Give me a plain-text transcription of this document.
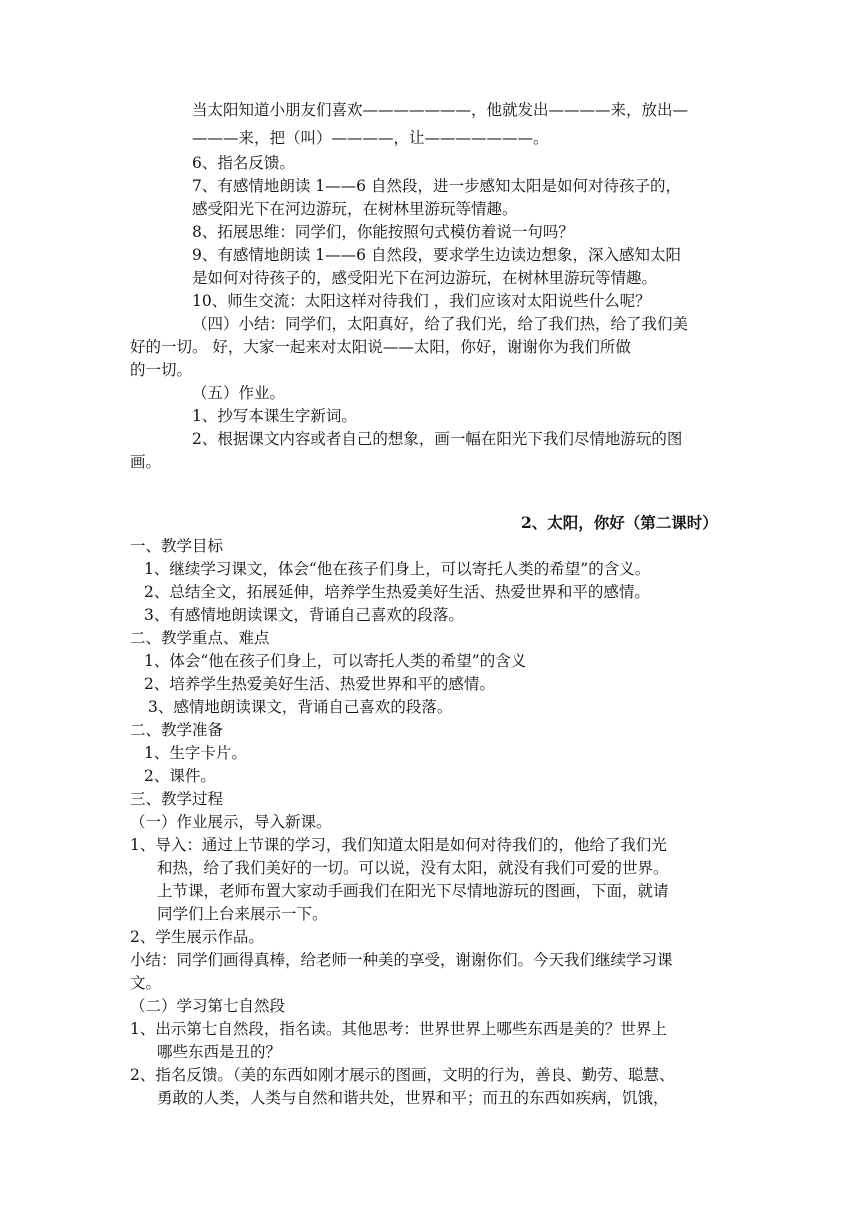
当太阳知道小朋友们喜欢———————，他就发出————来，放出—
———来，把（叫）————，让———————。
6、指名反馈。
7、有感情地朗读 1——6 自然段，进一步感知太阳是如何对待孩子的，
感受阳光下在河边游玩，在树林里游玩等情趣。
8、拓展思维：同学们，你能按照句式模仿着说一句吗？
9、有感情地朗读 1——6 自然段，要求学生边读边想象，深入感知太阳
是如何对待孩子的，感受阳光下在河边游玩，在树林里游玩等情趣。
10、师生交流：太阳这样对待我们 ，我们应该对太阳说些什么呢？
（四）小结：同学们，太阳真好，给了我们光，给了我们热，给了我们美
好的一切。 好，大家一起来对太阳说——太阳，你好，谢谢你为我们所做
的一切。
（五）作业。
1、抄写本课生字新词。
2、根据课文内容或者自己的想象，画一幅在阳光下我们尽情地游玩的图
画。
2、太阳，你好（第二课时）
一、教学目标
1、继续学习课文，体会“他在孩子们身上，可以寄托人类的希望”的含义。
2、总结全文，拓展延伸，培养学生热爱美好生活、热爱世界和平的感情。
3、有感情地朗读课文，背诵自己喜欢的段落。
二、教学重点、难点
1、体会“他在孩子们身上，可以寄托人类的希望”的含义
2、培养学生热爱美好生活、热爱世界和平的感情。
3、感情地朗读课文，背诵自己喜欢的段落。
二、教学准备
1、生字卡片。
2、课件。
三、教学过程
（一）作业展示，导入新课。
1、导入：通过上节课的学习，我们知道太阳是如何对待我们的，他给了我们光
和热，给了我们美好的一切。可以说，没有太阳，就没有我们可爱的世界。
上节课，老师布置大家动手画我们在阳光下尽情地游玩的图画，下面，就请
同学们上台来展示一下。
2、学生展示作品。
小结：同学们画得真棒，给老师一种美的享受，谢谢你们。今天我们继续学习课
文。
（二）学习第七自然段
1、出示第七自然段，指名读。其他思考：世界世界上哪些东西是美的？世界上
哪些东西是丑的？
2、指名反馈。（美的东西如刚才展示的图画，文明的行为，善良、勤劳、聪慧、
勇敢的人类，人类与自然和谐共处，世界和平；而丑的东西如疾病，饥饿，
